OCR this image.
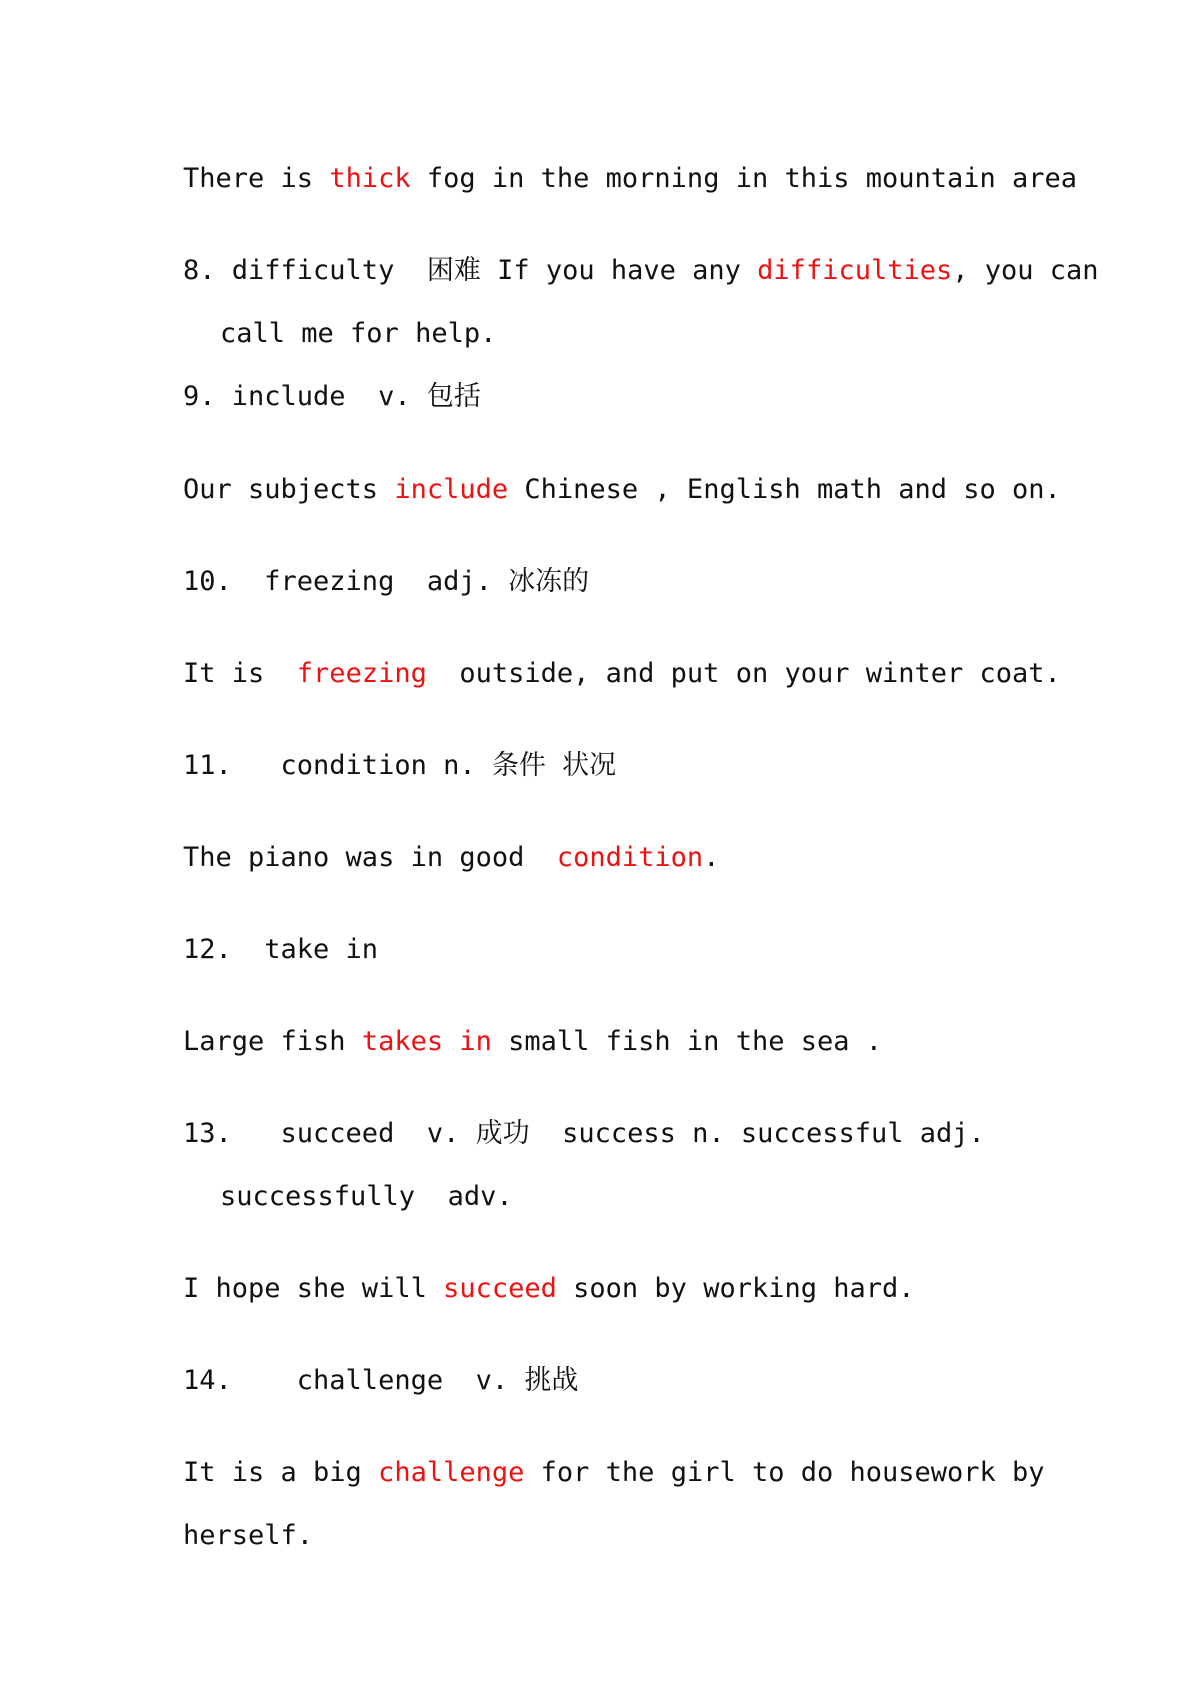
There is thick fog in the morning in this mountain area
8. difficulty  困难 If you have any difficulties, you can
call me for help.
9. include  v. 包括
Our subjects include Chinese , English math and so on.
10.  freezing  adj. 冰冻的
It is  freezing  outside, and put on your winter coat.
11.   condition n. 条件 状况
The piano was in good  condition.
12.  take in
Large fish takes in small fish in the sea .
13.   succeed  v. 成功  success n. successful adj.
successfully  adv.
I hope she will succeed soon by working hard.
14.    challenge  v. 挑战
It is a big challenge for the girl to do housework by
herself.
